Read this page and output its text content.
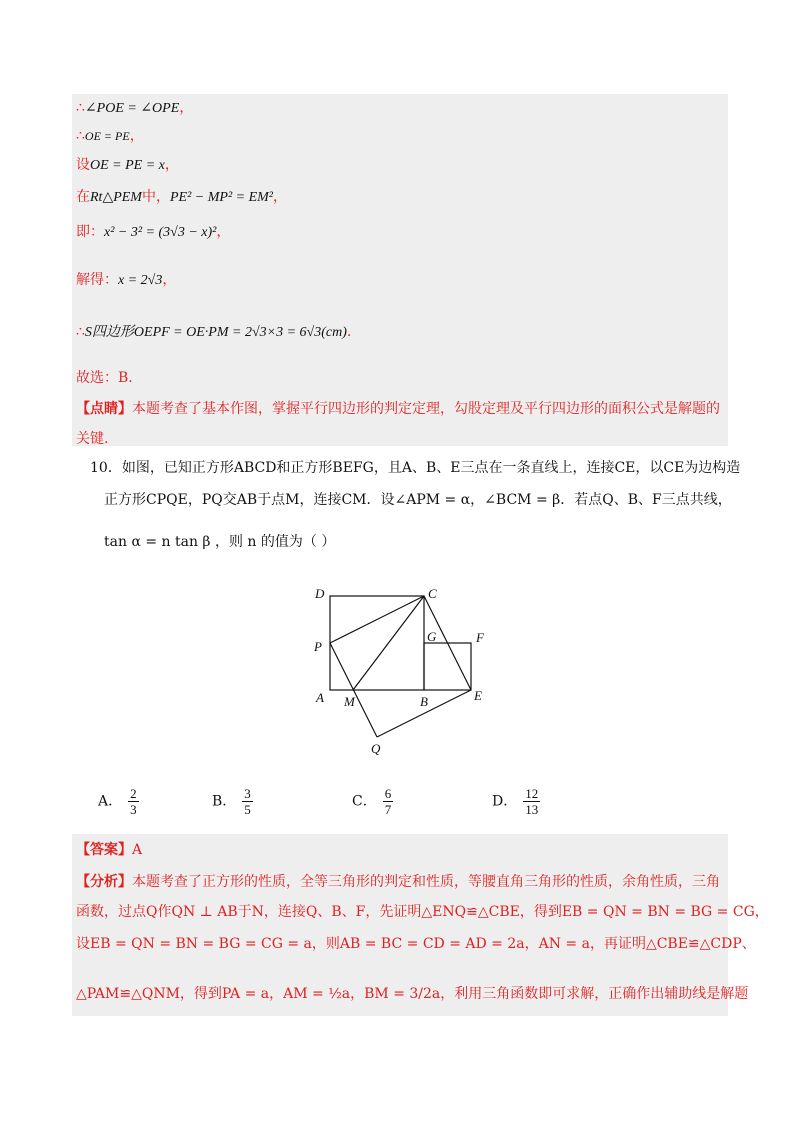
∴∠POE = ∠OPE，
∴OE = PE，
设OE = PE = x，
在Rt△PEM中，PE² − MP² = EM²，
即：x² − 3² = (3√3 − x)²，
解得：x = 2√3，
∴S四边形OEPF = OE·PM = 2√3×3 = 6√3(cm).
故选：B.
【点睛】本题考查了基本作图，掌握平行四边形的判定定理，勾股定理及平行四边形的面积公式是解题的
关键.
10．如图，已知正方形ABCD和正方形BEFG，且A、B、E三点在一条直线上，连接CE，以CE为边构造
正方形CPQE，PQ交AB于点M，连接CM．设∠APM = α，∠BCM = β．若点Q、B、F三点共线，
tan α = n tan β ，则 n 的值为（ ）
D	C
P
G	F
A M	B	E
Q
A． $\frac{2}{3}$	B． $\frac{3}{5}$	C． $\frac{6}{7}$	D． $\frac{12}{13}$
【答案】A
【分析】本题考查了正方形的性质，全等三角形的判定和性质，等腰直角三角形的性质，余角性质，三角
函数，过点Q作QN ⊥ AB于N，连接Q、B、F，先证明△ENQ≌△CBE，得到EB = QN = BN = BG = CG，
设EB = QN = BN = BG = CG = a，则AB = BC = CD = AD = 2a，AN = a，再证明△CBE≌△CDP、
△PAM≌△QNM，得到PA = a，AM = ½a，BM = 3/2a，利用三角函数即可求解，正确作出辅助线是解题
